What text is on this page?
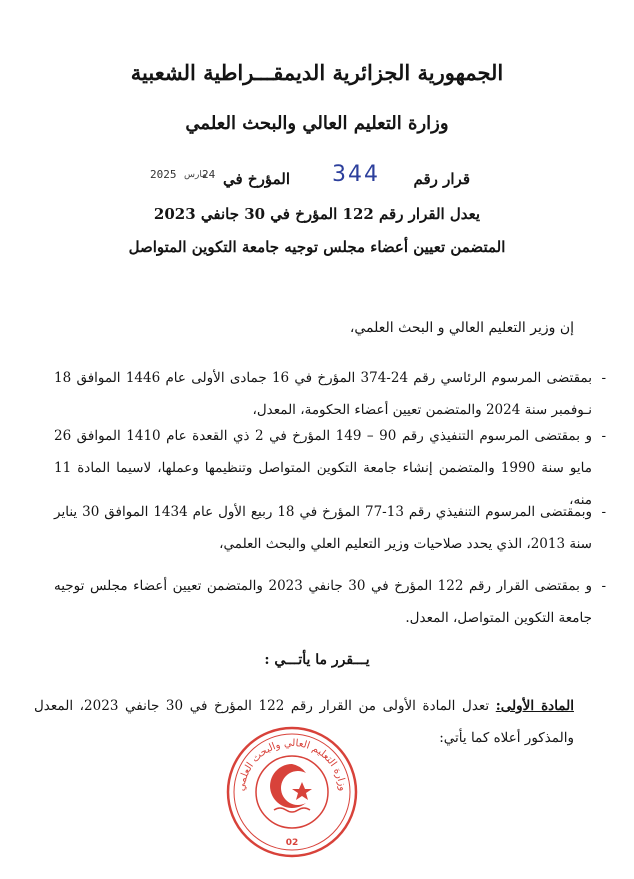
الجمهورية الجزائرية الديمقـــراطية الشعبية
وزارة التعليم العالي والبحث العلمي
قرار رقم
344
المؤرخ في
24
مارس
2025
يعدل القرار رقم 122 المؤرخ في 30 جانفي 2023
المتضمن تعيين أعضاء مجلس توجيه جامعة التكوين المتواصل
إن وزير التعليم العالي و البحث العلمي،
-
بمقتضى المرسوم الرئاسي رقم 24-374 المؤرخ في 16 جمادى الأولى عام 1446 الموافق 18 نـوفمبر سنة 2024 والمتضمن تعيين أعضاء الحكومة، المعدل،
-
و بمقتضى المرسوم التنفيذي رقم 90 – 149 المؤرخ في 2 ذي القعدة عام 1410 الموافق 26 مايو سنة 1990 والمتضمن إنشاء جامعة التكوين المتواصل وتنظيمها وعملها، لاسيما المادة 11 منه،
-
وبمقتضى المرسوم التنفيذي رقم 13-77 المؤرخ في 18 ربيع الأول عام 1434 الموافق 30 يناير سنة 2013، الذي يحدد صلاحيات وزير التعليم العلي والبحث العلمي،
-
و بمقتضى القرار رقم 122 المؤرخ في 30 جانفي 2023 والمتضمن تعيين أعضاء مجلس توجيه جامعة التكوين المتواصل، المعدل.
يـــقرر ما يأتـــي :
المادة الأولى: تعدل المادة الأولى من القرار رقم 122 المؤرخ في 30 جانفي 2023، المعدل والمذكور أعلاه كما يأتي:
وزارة التعليم العالي والبحث العلمي
02
